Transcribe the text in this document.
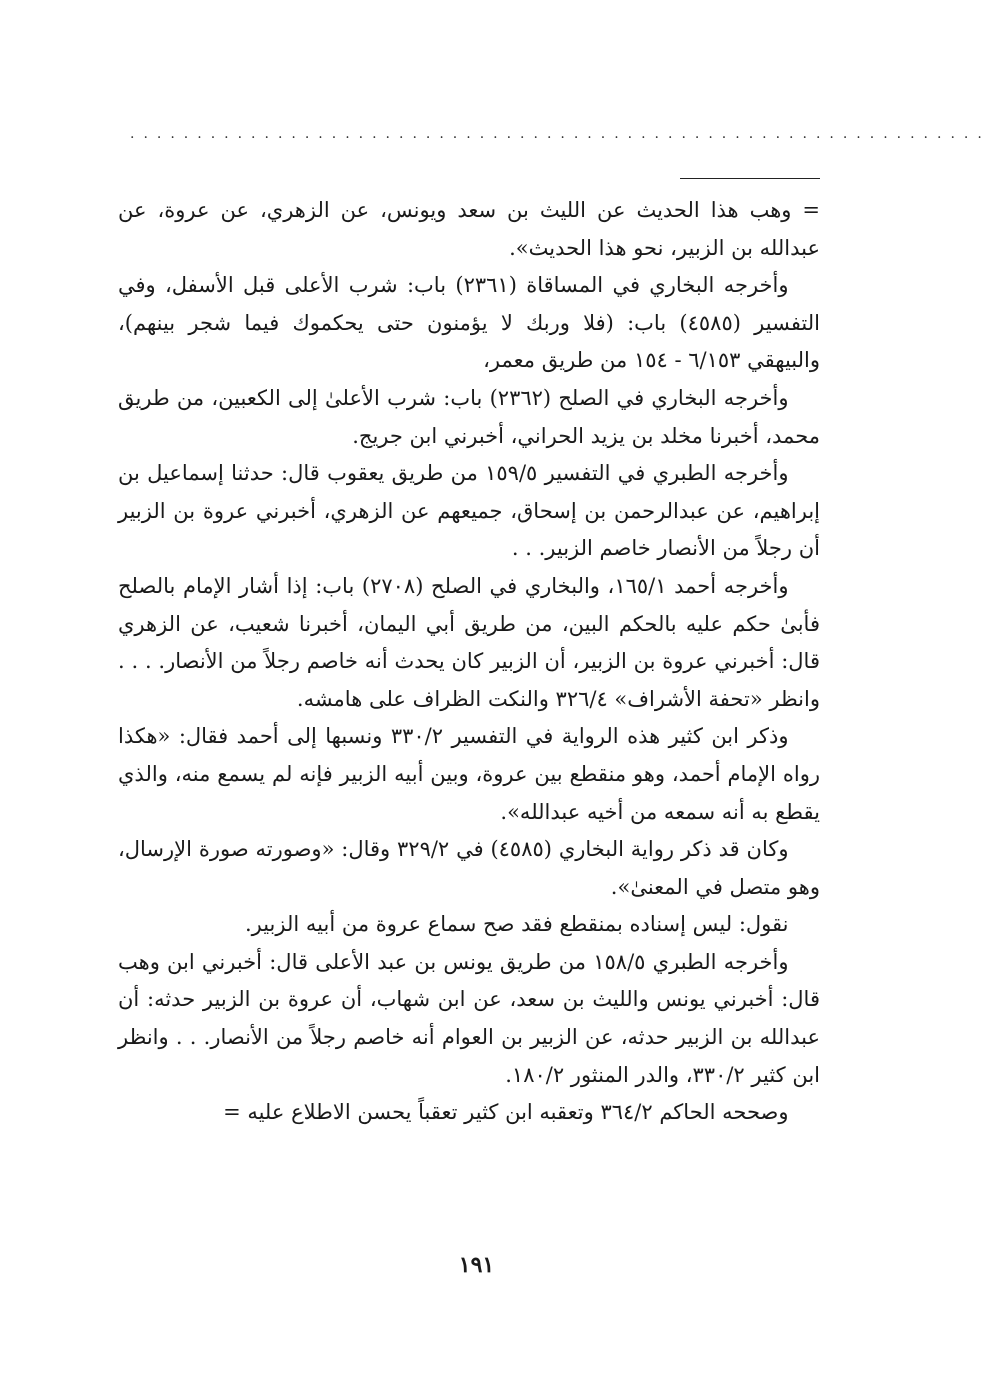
................................................................

= وهب هذا الحديث عن الليث بن سعد ويونس، عن الزهري، عن عروة، عن عبدالله بن الزبير، نحو هذا الحديث».

وأخرجه البخاري في المساقاة (٢٣٦١) باب: شرب الأعلى قبل الأسفل، وفي التفسير (٤٥٨٥) باب: (فلا وربك لا يؤمنون حتى يحكموك فيما شجر بينهم)، والبيهقي ٦/١٥٣ - ١٥٤ من طريق معمر،

وأخرجه البخاري في الصلح (٢٣٦٢) باب: شرب الأعلىٰ إلى الكعبين، من طريق محمد، أخبرنا مخلد بن يزيد الحراني، أخبرني ابن جريج.

وأخرجه الطبري في التفسير ١٥٩/٥ من طريق يعقوب قال: حدثنا إسماعيل بن إبراهيم، عن عبدالرحمن بن إسحاق، جميعهم عن الزهري، أخبرني عروة بن الزبير أن رجلاً من الأنصار خاصم الزبير. . .

وأخرجه أحمد ١٦٥/١، والبخاري في الصلح (٢٧٠٨) باب: إذا أشار الإمام بالصلح فأبىٰ حكم عليه بالحكم البين، من طريق أبي اليمان، أخبرنا شعيب، عن الزهري قال: أخبرني عروة بن الزبير، أن الزبير كان يحدث أنه خاصم رجلاً من الأنصار. . . . وانظر «تحفة الأشراف» ٣٢٦/٤ والنكت الظراف على هامشه.

وذكر ابن كثير هذه الرواية في التفسير ٣٣٠/٢ ونسبها إلى أحمد فقال: «هكذا رواه الإمام أحمد، وهو منقطع بين عروة، وبين أبيه الزبير فإنه لم يسمع منه، والذي يقطع به أنه سمعه من أخيه عبدالله».

وكان قد ذكر رواية البخاري (٤٥٨٥) في ٣٢٩/٢ وقال: «وصورته صورة الإرسال، وهو متصل في المعنىٰ».

نقول: ليس إسناده بمنقطع فقد صح سماع عروة من أبيه الزبير.

وأخرجه الطبري ١٥٨/٥ من طريق يونس بن عبد الأعلى قال: أخبرني ابن وهب قال: أخبرني يونس والليث بن سعد، عن ابن شهاب، أن عروة بن الزبير حدثه: أن عبدالله بن الزبير حدثه، عن الزبير بن العوام أنه خاصم رجلاً من الأنصار. . . وانظر ابن كثير ٣٣٠/٢، والدر المنثور ١٨٠/٢.

وصححه الحاكم ٣٦٤/٢ وتعقبه ابن كثير تعقباً يحسن الاطلاع عليه =

١٩١
